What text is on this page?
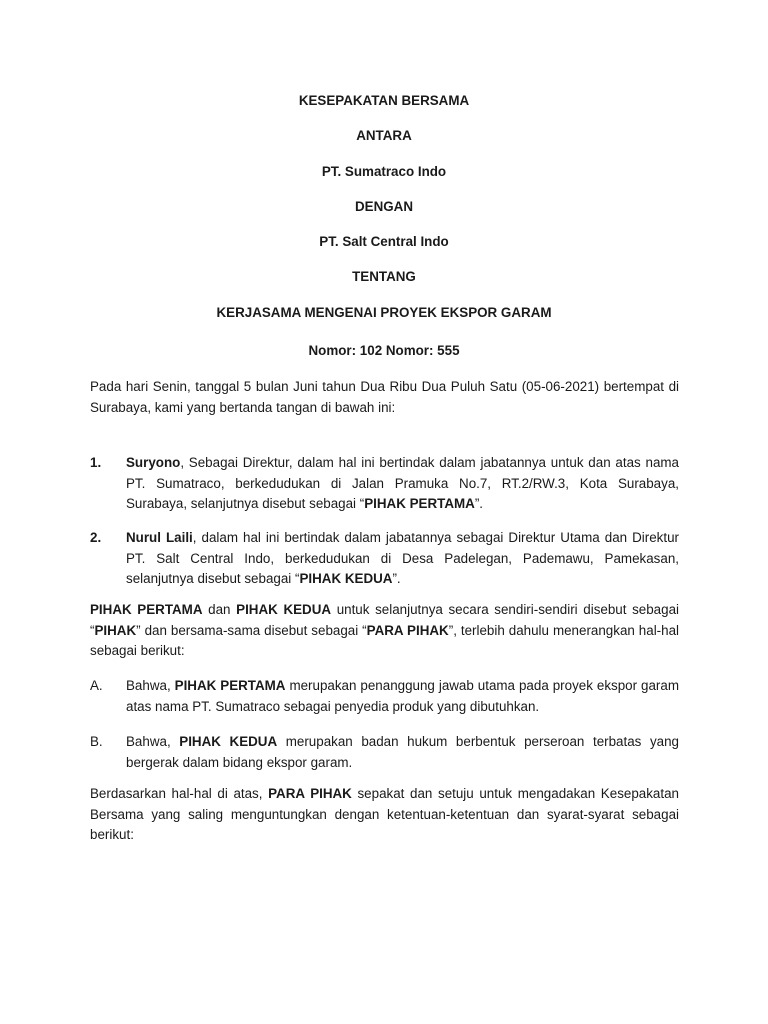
KESEPAKATAN BERSAMA
ANTARA
PT. Sumatraco Indo
DENGAN
PT. Salt Central Indo
TENTANG
KERJASAMA MENGENAI PROYEK EKSPOR GARAM
Nomor: 102 Nomor: 555
Pada hari Senin, tanggal 5 bulan Juni tahun Dua Ribu Dua Puluh Satu (05-06-2021) bertempat di Surabaya, kami yang bertanda tangan di bawah ini:
1.	Suryono, Sebagai Direktur, dalam hal ini bertindak dalam jabatannya untuk dan atas nama PT. Sumatraco, berkedudukan di Jalan Pramuka No.7, RT.2/RW.3, Kota Surabaya, Surabaya, selanjutnya disebut sebagai “PIHAK PERTAMA”.
2.	Nurul Laili, dalam hal ini bertindak dalam jabatannya sebagai Direktur Utama dan Direktur PT. Salt Central Indo, berkedudukan di Desa Padelegan, Pademawu, Pamekasan, selanjutnya disebut sebagai “PIHAK KEDUA”.
PIHAK PERTAMA dan PIHAK KEDUA untuk selanjutnya secara sendiri-sendiri disebut sebagai “PIHAK” dan bersama-sama disebut sebagai “PARA PIHAK”, terlebih dahulu menerangkan hal-hal sebagai berikut:
A.	Bahwa, PIHAK PERTAMA merupakan penanggung jawab utama pada proyek ekspor garam atas nama PT. Sumatraco sebagai penyedia produk yang dibutuhkan.
B.	Bahwa, PIHAK KEDUA merupakan badan hukum berbentuk perseroan terbatas yang bergerak dalam bidang ekspor garam.
Berdasarkan hal-hal di atas, PARA PIHAK sepakat dan setuju untuk mengadakan Kesepakatan Bersama yang saling menguntungkan dengan ketentuan-ketentuan dan syarat-syarat sebagai berikut:
